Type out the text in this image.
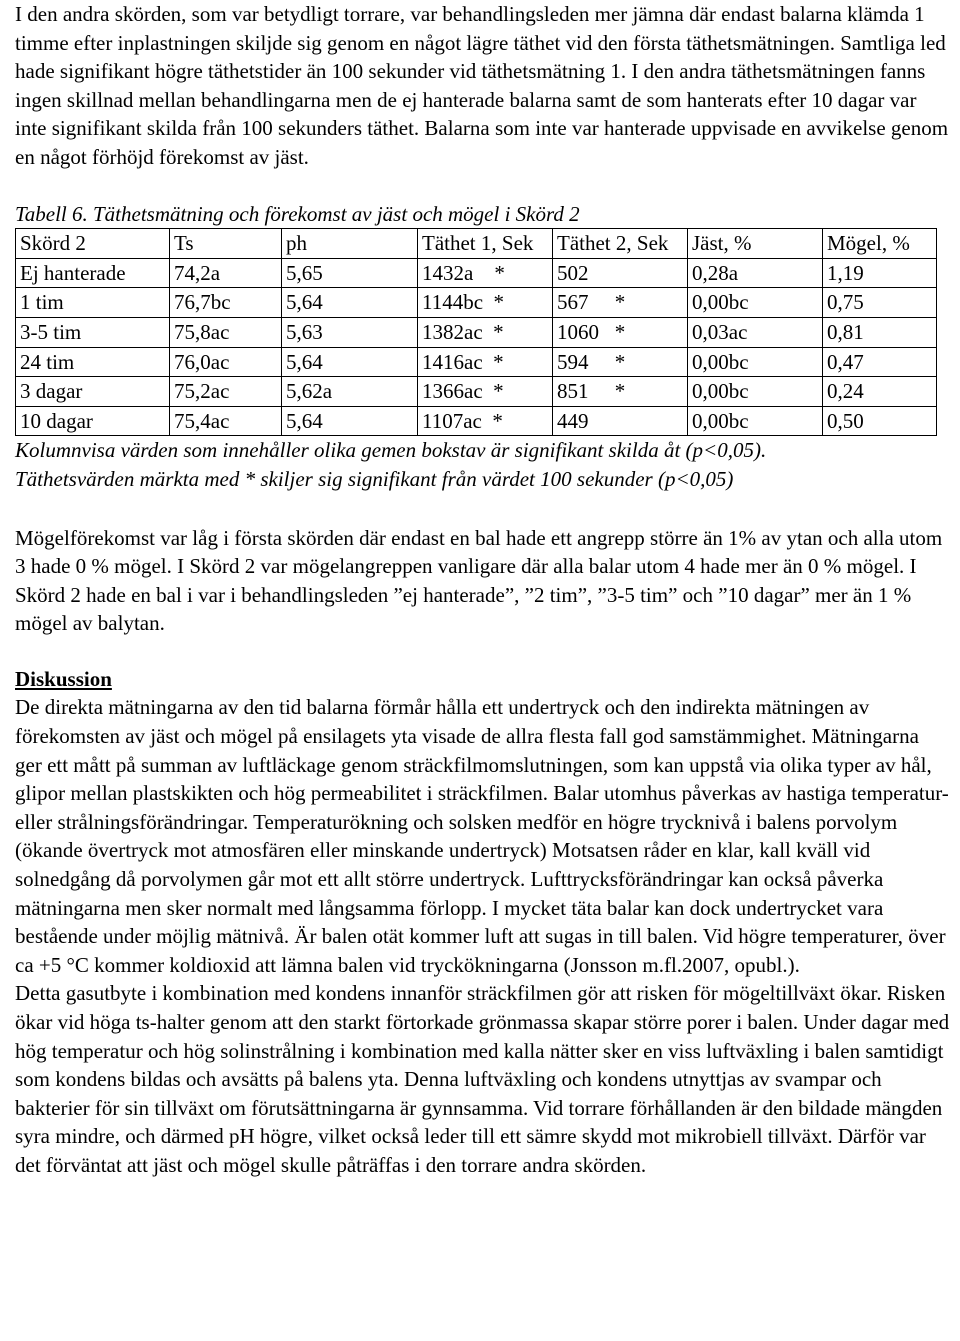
I den andra skörden, som var betydligt torrare, var behandlingsleden mer jämna där endast balarna klämda 1 timme efter inplastningen skiljde sig genom en något lägre täthet vid den första täthetsmätningen. Samtliga led hade signifikant högre täthetstider än 100 sekunder vid täthetsmätning 1. I den andra täthetsmätningen fanns ingen skillnad mellan behandlingarna men de ej hanterade balarna samt de som hanterats efter 10 dagar var inte signifikant skilda från 100 sekunders täthet. Balarna som inte var hanterade uppvisade en avvikelse genom en något förhöjd förekomst av jäst.

Tabell 6. Täthetsmätning och förekomst av jäst och mögel i Skörd 2

Skörd 2	Ts	ph	Täthet 1, Sek	Täthet 2, Sek	Jäst, %	Mögel, %
Ej hanterade	74,2a	5,65	1432a    *	502	0,28a	1,19
1 tim	76,7bc	5,64	1144bc  *	567     *	0,00bc	0,75
3-5 tim	75,8ac	5,63	1382ac  *	1060   *	0,03ac	0,81
24 tim	76,0ac	5,64	1416ac  *	594     *	0,00bc	0,47
3 dagar	75,2ac	5,62a	1366ac  *	851     *	0,00bc	0,24
10 dagar	75,4ac	5,64	1107ac  *	449	0,00bc	0,50

Kolumnvisa värden som innehåller olika gemen bokstav är signifikant skilda åt (p<0,05).

Täthetsvärden märkta med * skiljer sig signifikant från värdet 100 sekunder (p<0,05)

Mögelförekomst var låg i första skörden där endast en bal hade ett angrepp större än 1% av ytan och alla utom 3 hade 0 % mögel. I Skörd 2 var mögelangreppen vanligare där alla balar utom 4 hade mer än 0 % mögel. I Skörd 2 hade en bal i var i behandlingsleden ”ej hanterade”, ”2 tim”, ”3-5 tim” och ”10 dagar” mer än 1 % mögel av balytan.

Diskussion

De direkta mätningarna av den tid balarna förmår hålla ett undertryck och den indirekta mätningen av förekomsten av jäst och mögel på ensilagets yta visade de allra flesta fall god samstämmighet. Mätningarna ger ett mått på summan av luftläckage genom sträckfilmomslutningen, som kan uppstå via olika typer av hål, glipor mellan plastskikten och hög permeabilitet i sträckfilmen. Balar utomhus påverkas av hastiga temperatur- eller strålningsförändringar. Temperaturökning och solsken medför en högre trycknivå i balens porvolym (ökande övertryck mot atmosfären eller minskande undertryck) Motsatsen råder en klar, kall kväll vid solnedgång då porvolymen går mot ett allt större undertryck. Lufttrycksförändringar kan också påverka mätningarna men sker normalt med långsamma förlopp. I mycket täta balar kan dock undertrycket vara bestående under möjlig mätnivå. Är balen otät kommer luft att sugas in till balen. Vid högre temperaturer, över ca +5 °C kommer koldioxid att lämna balen vid tryckökningarna (Jonsson m.fl.2007, opubl.).

Detta gasutbyte i kombination med kondens innanför sträckfilmen gör att risken för mögeltillväxt ökar. Risken ökar vid höga ts-halter genom att den starkt förtorkade grönmassa skapar större porer i balen. Under dagar med hög temperatur och hög solinstrålning i kombination med kalla nätter sker en viss luftväxling i balen samtidigt som kondens bildas och avsätts på balens yta. Denna luftväxling och kondens utnyttjas av svampar och bakterier för sin tillväxt om förutsättningarna är gynnsamma. Vid torrare förhållanden är den bildade mängden syra mindre, och därmed pH högre, vilket också leder till ett sämre skydd mot mikrobiell tillväxt. Därför var det förväntat att jäst och mögel skulle påträffas i den torrare andra skörden.
